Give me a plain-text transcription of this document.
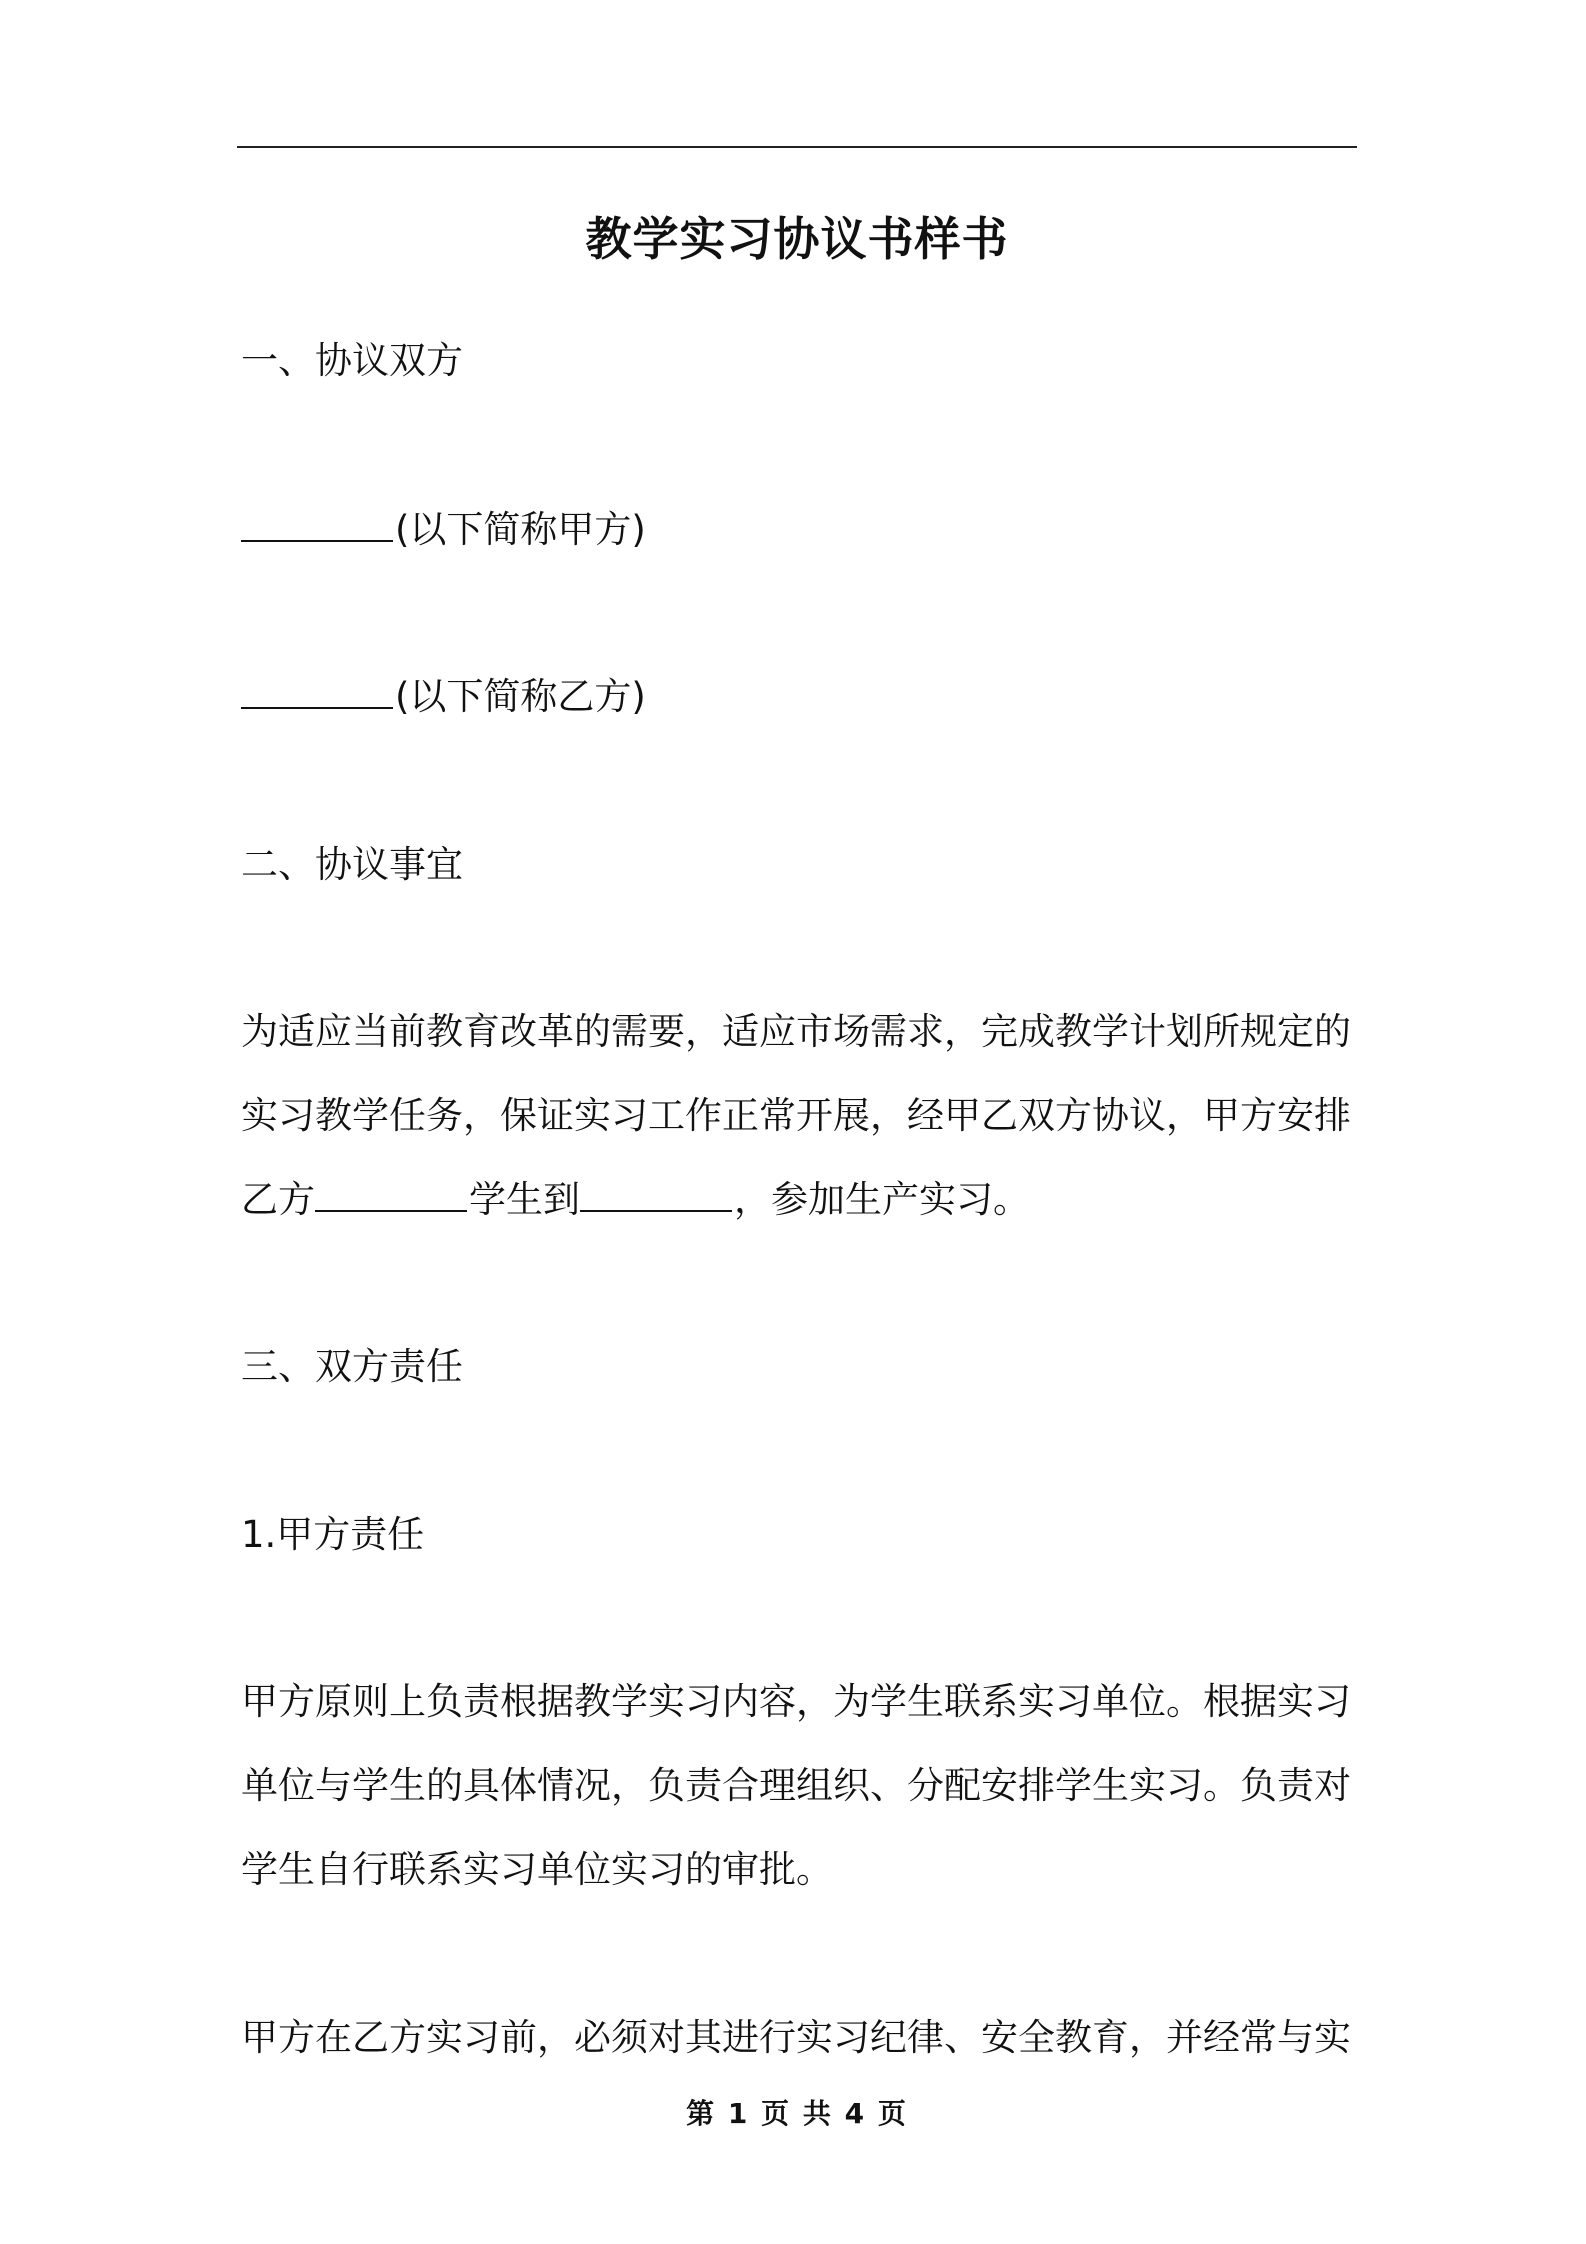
教学实习协议书样书

一、协议双方

(以下简称甲方)

(以下简称乙方)

二、协议事宜

为适应当前教育改革的需要，适应市场需求，完成教学计划所规定的
实习教学任务，保证实习工作正常开展，经甲乙双方协议，甲方安排
乙方	学生到	，参加生产实习。

三、双方责任

1.甲方责任

甲方原则上负责根据教学实习内容，为学生联系实习单位。根据实习
单位与学生的具体情况，负责合理组织、分配安排学生实习。负责对
学生自行联系实习单位实习的审批。

甲方在乙方实习前，必须对其进行实习纪律、安全教育，并经常与实

第 1 页 共 4 页
